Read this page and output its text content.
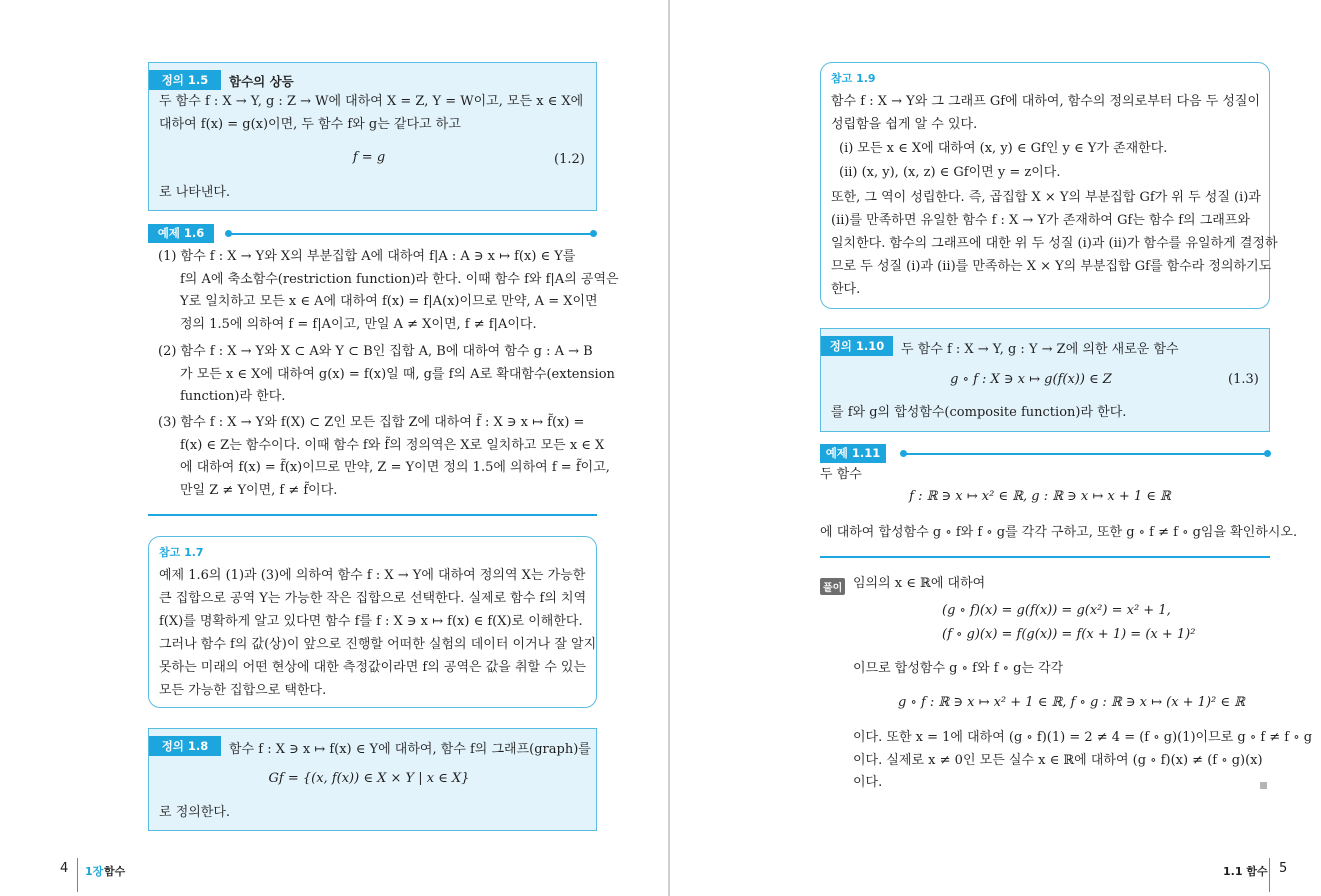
정의 1.5	함수의 상등
두 함수 f : X → Y, g : Z → W에 대하여 X = Z, Y = W이고, 모든 x ∈ X에
대하여 f(x) = g(x)이면, 두 함수 f와 g는 같다고 하고
f = g	(1.2)
로 나타낸다.
예제 1.6
(1) 함수 f : X → Y와 X의 부분집합 A에 대하여 f|A : A ∋ x ↦ f(x) ∈ Y를
f의 A에 축소함수(restriction function)라 한다. 이때 함수 f와 f|A의 공역은
Y로 일치하고 모든 x ∈ A에 대하여 f(x) = f|A(x)이므로 만약, A = X이면
정의 1.5에 의하여 f = f|A이고, 만일 A ≠ X이면, f ≠ f|A이다.
(2) 함수 f : X → Y와 X ⊂ A와 Y ⊂ B인 집합 A, B에 대하여 함수 g : A → B
가 모든 x ∈ X에 대하여 g(x) = f(x)일 때, g를 f의 A로 확대함수(extension
function)라 한다.
(3) 함수 f : X → Y와 f(X) ⊂ Z인 모든 집합 Z에 대하여 f̃ : X ∋ x ↦ f̃(x) =
f(x) ∈ Z는 함수이다. 이때 함수 f와 f̃의 정의역은 X로 일치하고 모든 x ∈ X
에 대하여 f(x) = f̃(x)이므로 만약, Z = Y이면 정의 1.5에 의하여 f = f̃이고,
만일 Z ≠ Y이면, f ≠ f̃이다.
참고 1.7
예제 1.6의 (1)과 (3)에 의하여 함수 f : X → Y에 대하여 정의역 X는 가능한
큰 집합으로 공역 Y는 가능한 작은 집합으로 선택한다. 실제로 함수 f의 치역
f(X)를 명확하게 알고 있다면 함수 f를 f : X ∋ x ↦ f(x) ∈ f(X)로 이해한다.
그러나 함수 f의 값(상)이 앞으로 진행할 어떠한 실험의 데이터 이거나 잘 알지
못하는 미래의 어떤 현상에 대한 측정값이라면 f의 공역은 값을 취할 수 있는
모든 가능한 집합으로 택한다.
정의 1.8	함수 f : X ∋ x ↦ f(x) ∈ Y에 대하여, 함수 f의 그래프(graph)를
Gf = {(x, f(x)) ∈ X × Y | x ∈ X}
로 정의한다.
4 1장 함수
참고 1.9
함수 f : X → Y와 그 그래프 Gf에 대하여, 함수의 정의로부터 다음 두 성질이
성립함을 쉽게 알 수 있다.
(i) 모든 x ∈ X에 대하여 (x, y) ∈ Gf인 y ∈ Y가 존재한다.
(ii) (x, y), (x, z) ∈ Gf이면 y = z이다.
또한, 그 역이 성립한다. 즉, 곱집합 X × Y의 부분집합 Gf가 위 두 성질 (i)과
(ii)를 만족하면 유일한 함수 f : X → Y가 존재하여 Gf는 함수 f의 그래프와
일치한다. 함수의 그래프에 대한 위 두 성질 (i)과 (ii)가 함수를 유일하게 결정하
므로 두 성질 (i)과 (ii)를 만족하는 X × Y의 부분집합 Gf를 함수라 정의하기도
한다.
정의 1.10	두 함수 f : X → Y, g : Y → Z에 의한 새로운 함수
g ∘ f : X ∋ x ↦ g(f(x)) ∈ Z	(1.3)
를 f와 g의 합성함수(composite function)라 한다.
예제 1.11
두 함수
f : ℝ ∋ x ↦ x² ∈ ℝ, g : ℝ ∋ x ↦ x + 1 ∈ ℝ
에 대하여 합성함수 g ∘ f와 f ∘ g를 각각 구하고, 또한 g ∘ f ≠ f ∘ g임을 확인하시오.
풀이 임의의 x ∈ ℝ에 대하여
(g ∘ f)(x) = g(f(x)) = g(x²) = x² + 1,
(f ∘ g)(x) = f(g(x)) = f(x + 1) = (x + 1)²
이므로 합성함수 g ∘ f와 f ∘ g는 각각
g ∘ f : ℝ ∋ x ↦ x² + 1 ∈ ℝ, f ∘ g : ℝ ∋ x ↦ (x + 1)² ∈ ℝ
이다. 또한 x = 1에 대하여 (g ∘ f)(1) = 2 ≠ 4 = (f ∘ g)(1)이므로 g ∘ f ≠ f ∘ g
이다. 실제로 x ≠ 0인 모든 실수 x ∈ ℝ에 대하여 (g ∘ f)(x) ≠ (f ∘ g)(x)
이다.
1.1 함수 5
